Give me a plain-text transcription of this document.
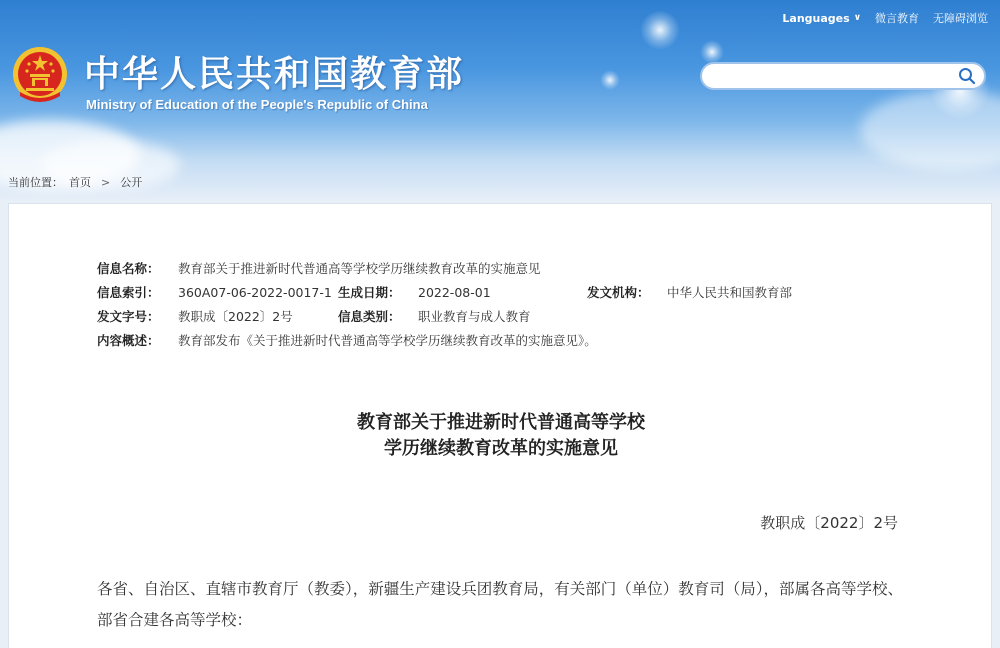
Languages ∨ 微言教育 无障碍浏览
中华人民共和国教育部
Ministry of Education of the People's Republic of China
当前位置： 首页 > 公开
信息名称：	教育部关于推进新时代普通高等学校学历继续教育改革的实施意见
信息索引：	360A07-06-2022-0017-1 生成日期：	2022-08-01	发文机构：	中华人民共和国教育部
发文字号：	教职成〔2022〕2号	信息类别：	职业教育与成人教育
内容概述：	教育部发布《关于推进新时代普通高等学校学历继续教育改革的实施意见》。
教育部关于推进新时代普通高等学校
学历继续教育改革的实施意见
教职成〔2022〕2号
各省、自治区、直辖市教育厅（教委），新疆生产建设兵团教育局，有关部门（单位）教育司（局），部属各高等学校、部省合建各高等学校：
